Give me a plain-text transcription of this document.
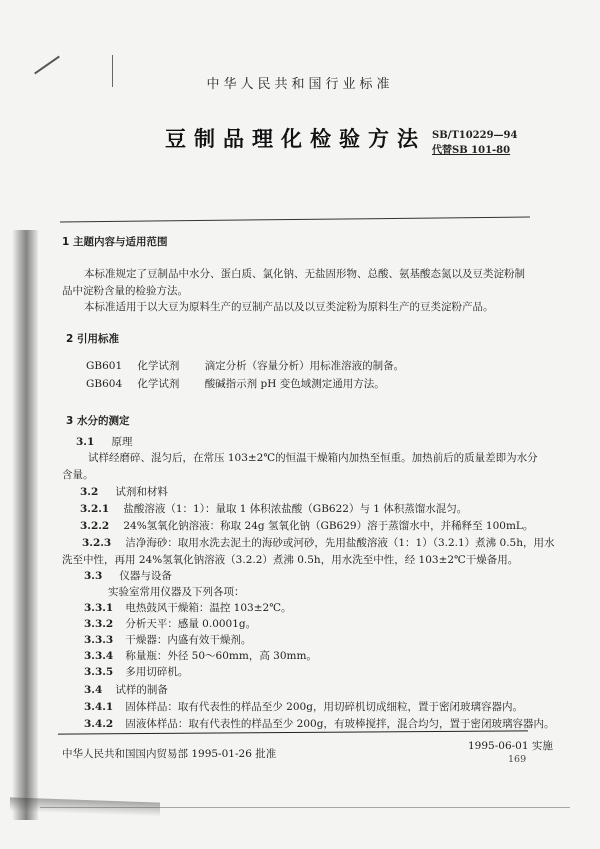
中华人民共和国行业标准
豆制品理化检验方法 SB/T10229—94
代替SB 101-80
1 主题内容与适用范围
本标准规定了豆制品中水分、蛋白质、氯化钠、无盐固形物、总酸、氨基酸态氮以及豆类淀粉制
品中淀粉含量的检验方法。
本标准适用于以大豆为原料生产的豆制产品以及以豆类淀粉为原料生产的豆类淀粉产品。
2 引用标准
GB601 化学试剂 滴定分析（容量分析）用标准溶液的制备。
GB604 化学试剂 酸碱指示剂 pH 变色域测定通用方法。
3 水分的测定
3.1 原理
试样经磨碎、混匀后，在常压 103±2℃的恒温干燥箱内加热至恒重。加热前后的质量差即为水分
含量。
3.2 试剂和材料
3.2.1 盐酸溶液（1：1）：量取 1 体积浓盐酸（GB622）与 1 体积蒸馏水混匀。
3.2.2 24%氢氧化钠溶液：称取 24g 氢氧化钠（GB629）溶于蒸馏水中，并稀释至 100mL。
3.2.3 洁净海砂：取用水洗去泥土的海砂或河砂，先用盐酸溶液（1：1）（3.2.1）煮沸 0.5h，用水
洗至中性，再用 24%氢氧化钠溶液（3.2.2）煮沸 0.5h，用水洗至中性，经 103±2℃干燥备用。
3.3 仪器与设备
实验室常用仪器及下列各项：
3.3.1 电热鼓风干燥箱：温控 103±2℃。
3.3.2 分析天平：感量 0.0001g。
3.3.3 干燥器：内盛有效干燥剂。
3.3.4 称量瓶：外径 50～60mm，高 30mm。
3.3.5 多用切碎机。
3.4 试样的制备
3.4.1 固体样品：取有代表性的样品至少 200g，用切碎机切成细粒，置于密闭玻璃容器内。
3.4.2 固液体样品：取有代表性的样品至少 200g，有玻棒搅拌，混合均匀，置于密闭玻璃容器内。
中华人民共和国国内贸易部 1995-01-26 批准
1995-06-01 实施
169
